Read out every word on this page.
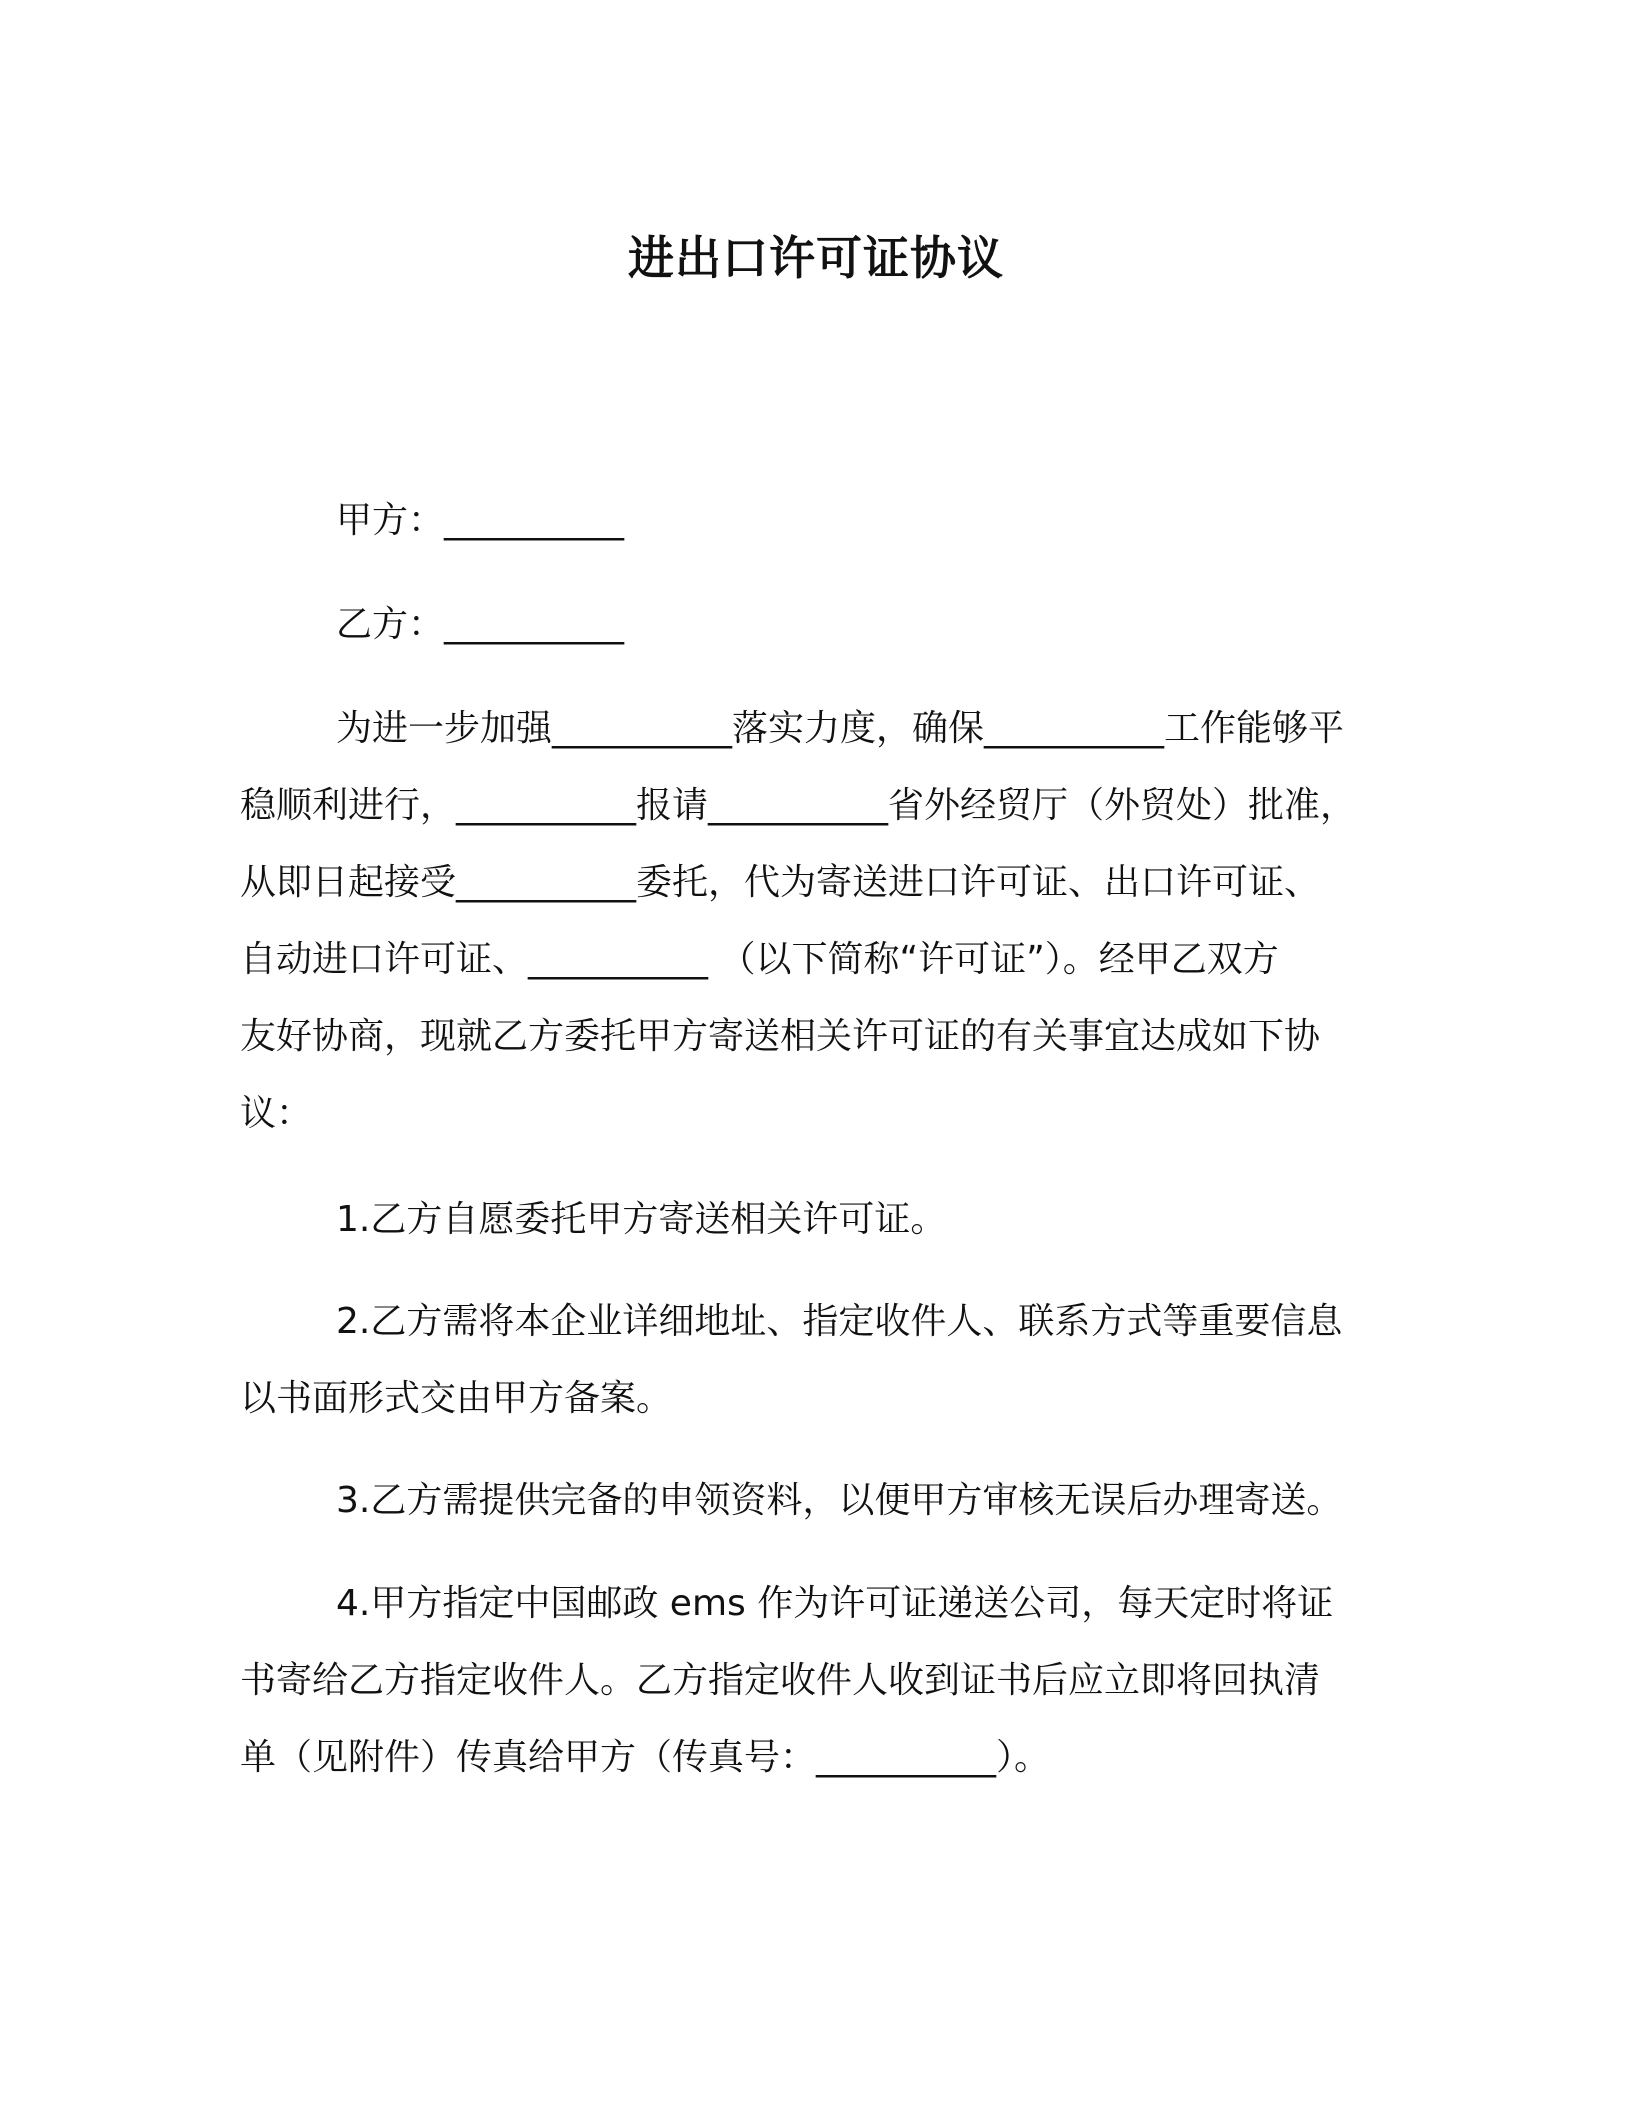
进出口许可证协议
甲方：__________
乙方：__________
为进一步加强__________落实力度，确保__________工作能够平
稳顺利进行，__________报请__________省外经贸厅（外贸处）批准，
从即日起接受__________委托，代为寄送进口许可证、出口许可证、
自动进口许可证、__________ （以下简称“许可证”）。经甲乙双方
友好协商，现就乙方委托甲方寄送相关许可证的有关事宜达成如下协
议：
1.乙方自愿委托甲方寄送相关许可证。
2.乙方需将本企业详细地址、指定收件人、联系方式等重要信息
以书面形式交由甲方备案。
3.乙方需提供完备的申领资料，以便甲方审核无误后办理寄送。
4.甲方指定中国邮政 ems 作为许可证递送公司，每天定时将证
书寄给乙方指定收件人。乙方指定收件人收到证书后应立即将回执清
单（见附件）传真给甲方（传真号：__________）。
